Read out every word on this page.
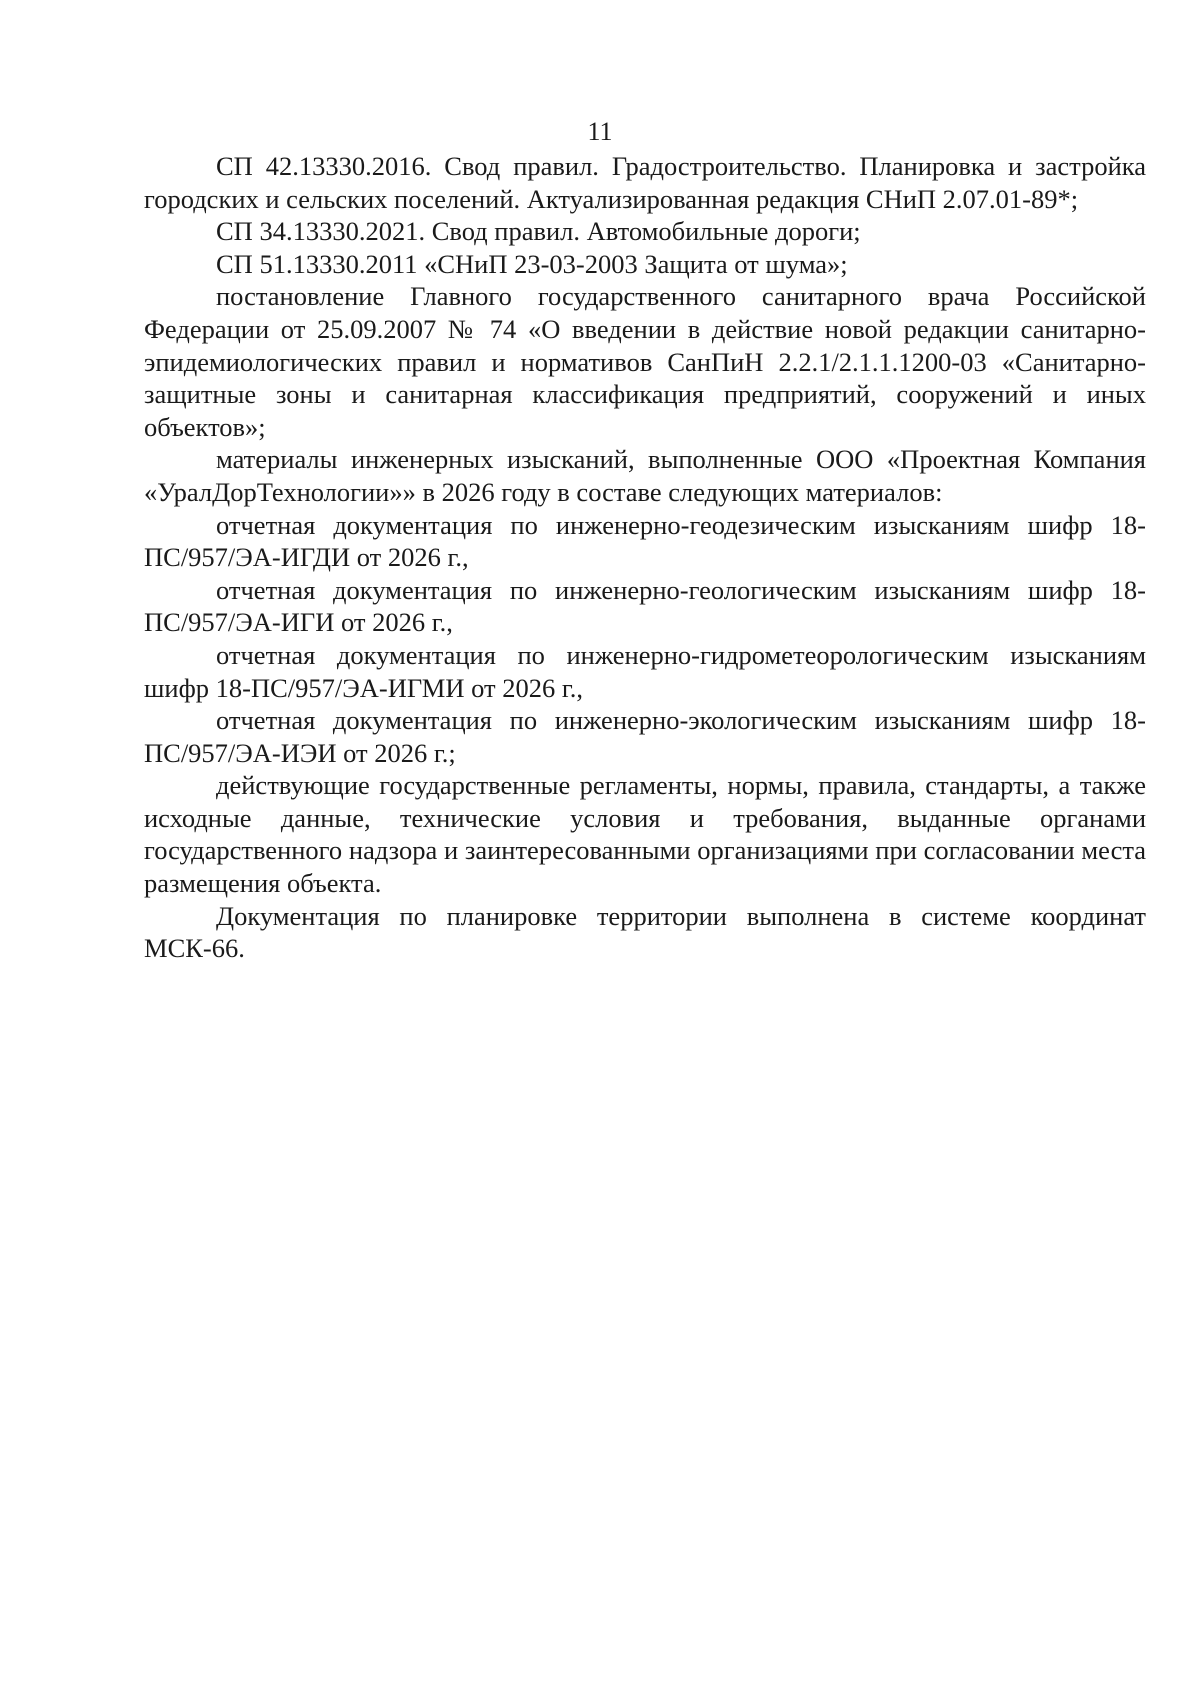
11

СП 42.13330.2016. Свод правил. Градостроительство. Планировка и застройка городских и сельских поселений. Актуализированная редакция СНиП 2.07.01-89*;

СП 34.13330.2021. Свод правил. Автомобильные дороги;

СП 51.13330.2011 «СНиП 23-03-2003 Защита от шума»;

постановление Главного государственного санитарного врача Российской Федерации от 25.09.2007 № 74 «О введении в действие новой редакции санитарно-эпидемиологических правил и нормативов СанПиН 2.2.1/2.1.1.1200-03 «Санитарно-защитные зоны и санитарная классификация предприятий, сооружений и иных объектов»;

материалы инженерных изысканий, выполненные ООО «Проектная Компания «УралДорТехнологии»» в 2026 году в составе следующих материалов:

отчетная документация по инженерно-геодезическим изысканиям шифр 18-ПС/957/ЭА-ИГДИ от 2026 г.,

отчетная документация по инженерно-геологическим изысканиям шифр 18-ПС/957/ЭА-ИГИ от 2026 г.,

отчетная документация по инженерно-гидрометеорологическим изысканиям шифр 18-ПС/957/ЭА-ИГМИ от 2026 г.,

отчетная документация по инженерно-экологическим изысканиям шифр 18-ПС/957/ЭА-ИЭИ от 2026 г.;

действующие государственные регламенты, нормы, правила, стандарты, а также исходные данные, технические условия и требования, выданные органами государственного надзора и заинтересованными организациями при согласовании места размещения объекта.

Документация по планировке территории выполнена в системе координат МСК-66.
